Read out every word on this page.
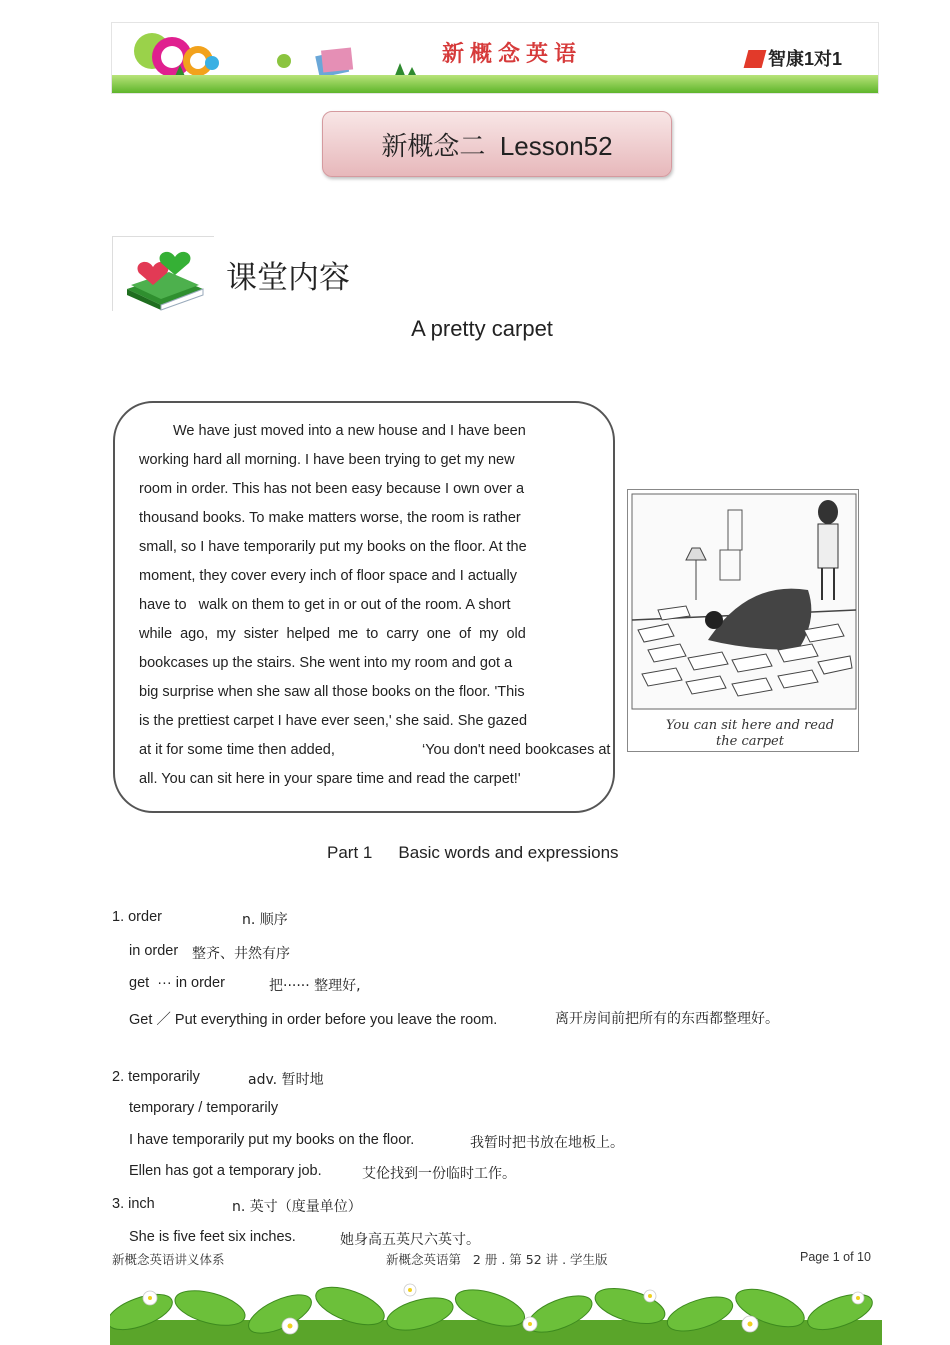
新概念英语	智康1对1
新概念二  Lesson52
课堂内容
A pretty carpet
We have just moved into a new house and I have been
working hard all morning. I have been trying to get my new
room in order. This has not been easy because I own over a
thousand books. To make matters worse, the room is rather
small, so I have temporarily put my books on the floor. At the
moment, they cover every inch of floor space and I actually
have to   walk on them to get in or out of the room. A short
while  ago,  my  sister  helped  me  to  carry  one  of  my  old
bookcases up the stairs. She went into my room and got a
big surprise when she saw all those books on the floor. 'This
is the prettiest carpet I have ever seen,' she said. She gazed
at it for some time then added,	‘You don't need bookcases at
all. You can sit here in your spare time and read the carpet!'
You can sit here and read
the carpet
Part 1 Basic words and expressions
1. order	n. 顺序
in order 整齐、井然有序
get  ··· in order	把······ 整理好,
Get ／ Put everything in order before you leave the room.	离开房间前把所有的东西都整理好。
2. temporarily	adv. 暂时地
temporary / temporarily
I have temporarily put my books on the floor.	我暂时把书放在地板上。
Ellen has got a temporary job.	艾伦找到一份临时工作。
3. inch	n. 英寸（度量单位）
She is five feet six inches.	她身高五英尺六英寸。
新概念英语讲义体系	新概念英语第   2 册 . 第 52 讲 . 学生版	Page 1 of 10
